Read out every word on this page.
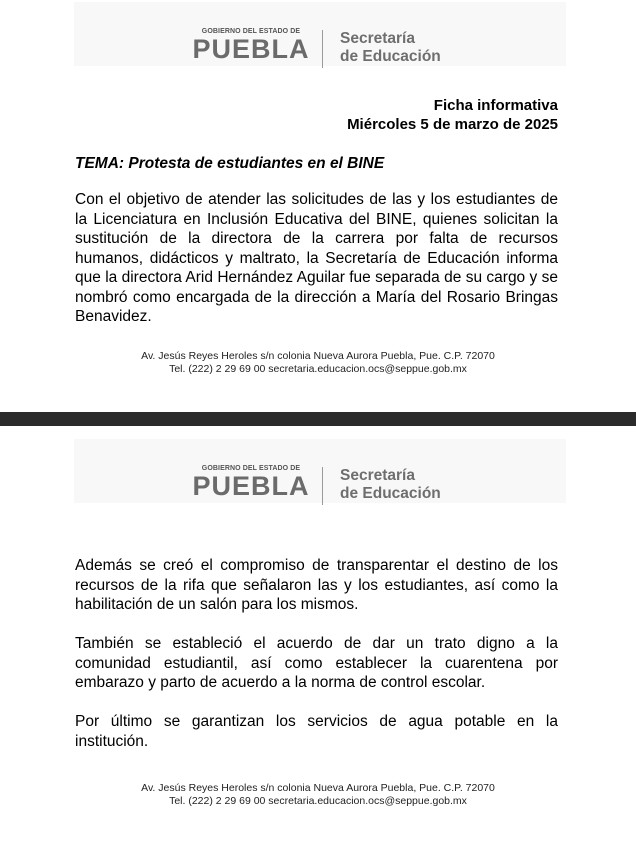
GOBIERNO DEL ESTADO DE
PUEBLA Secretaría
de Educación
Ficha informativa
Miércoles 5 de marzo de 2025
TEMA: Protesta de estudiantes en el BINE

Con el objetivo de atender las solicitudes de las y los estudiantes de la Licenciatura en Inclusión Educativa del BINE, quienes solicitan la sustitución de la directora de la carrera por falta de recursos humanos, didácticos y maltrato, la Secretaría de Educación informa que la directora Arid Hernández Aguilar fue separada de su cargo y se nombró como encargada de la dirección a María del Rosario Bringas Benavidez.

Av. Jesús Reyes Heroles s/n colonia Nueva Aurora Puebla, Pue. C.P. 72070
Tel. (222) 2 29 69 00 secretaria.educacion.ocs@seppue.gob.mx
GOBIERNO DEL ESTADO DE
PUEBLA Secretaría
de Educación

Además se creó el compromiso de transparentar el destino de los recursos de la rifa que señalaron las y los estudiantes, así como la habilitación de un salón para los mismos.

También se estableció el acuerdo de dar un trato digno a la comunidad estudiantil, así como establecer la cuarentena por embarazo y parto de acuerdo a la norma de control escolar.

Por último se garantizan los servicios de agua potable en la institución.

Av. Jesús Reyes Heroles s/n colonia Nueva Aurora Puebla, Pue. C.P. 72070
Tel. (222) 2 29 69 00 secretaria.educacion.ocs@seppue.gob.mx
